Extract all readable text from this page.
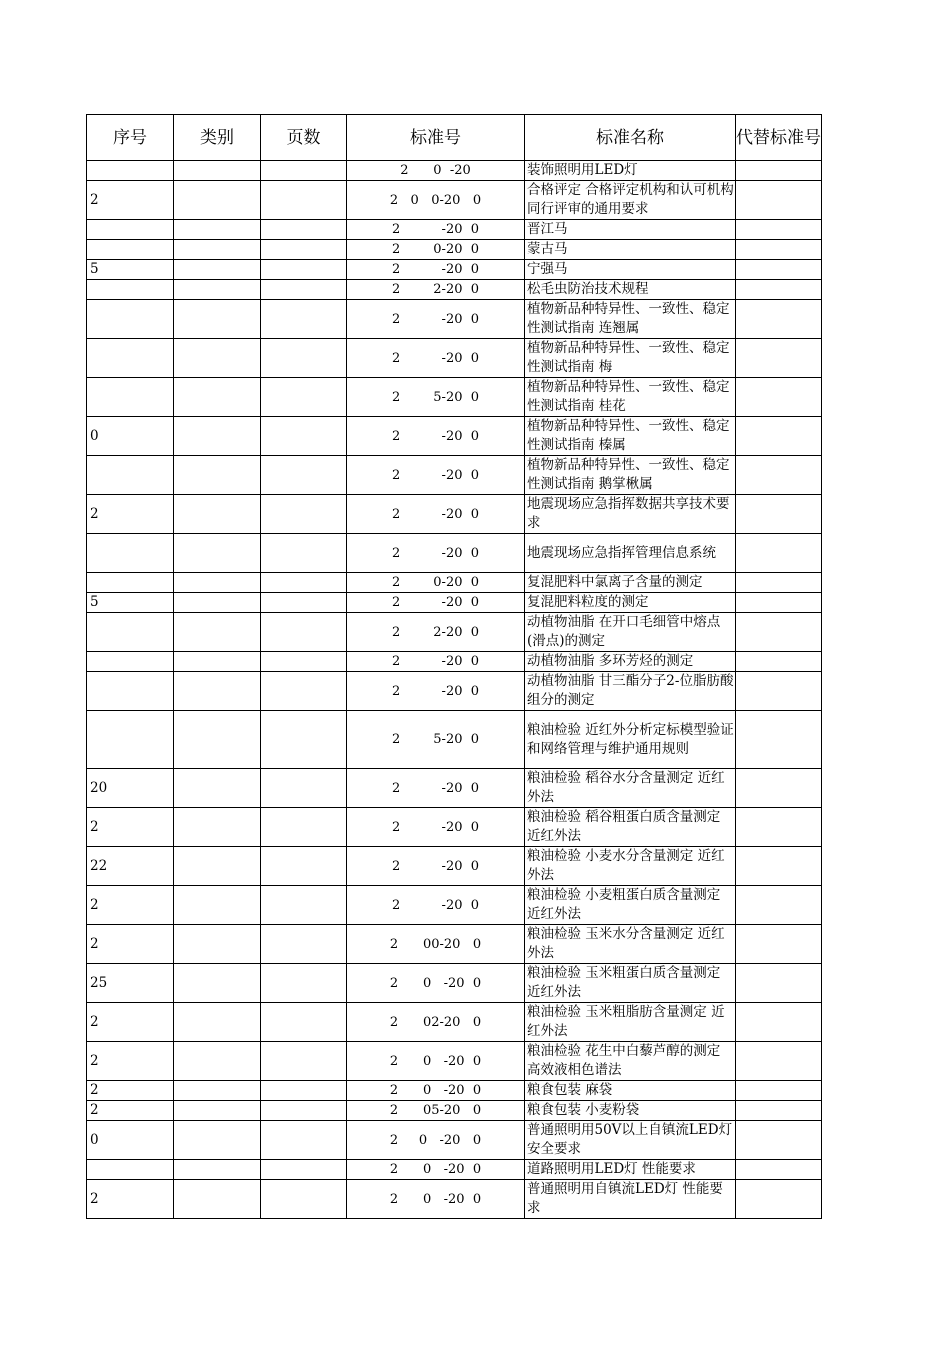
序号	类别	页数	标准号	标准名称	代替标准号
			2      0  -20	装饰照明用LED灯	

2			2   0   0-20   0	合格评定 合格评定机构和认可机构同行评审的通用要求	

			2          -20  0	晋江马	

			2        0-20  0	蒙古马	

5			2          -20  0	宁强马	

			2        2-20  0	松毛虫防治技术规程	

			2          -20  0	植物新品种特异性、一致性、稳定性测试指南 连翘属	

			2          -20  0	植物新品种特异性、一致性、稳定性测试指南 梅	

			2        5-20  0	植物新品种特异性、一致性、稳定性测试指南 桂花	

0			2          -20  0	植物新品种特异性、一致性、稳定性测试指南 榛属	

			2          -20  0	植物新品种特异性、一致性、稳定性测试指南 鹅掌楸属	

2			2          -20  0	地震现场应急指挥数据共享技术要求	

			2          -20  0	地震现场应急指挥管理信息系统	

			2        0-20  0	复混肥料中氯离子含量的测定	

5			2          -20  0	复混肥料粒度的测定	

			2        2-20  0	动植物油脂 在开口毛细管中熔点(滑点)的测定	

			2          -20  0	动植物油脂 多环芳烃的测定	

			2          -20  0	动植物油脂 甘三酯分子2-位脂肪酸组分的测定	

			2        5-20  0	粮油检验 近红外分析定标模型验证和网络管理与维护通用规则	

20			2          -20  0	粮油检验 稻谷水分含量测定 近红外法	

2			2          -20  0	粮油检验 稻谷粗蛋白质含量测定 近红外法	

22			2          -20  0	粮油检验 小麦水分含量测定 近红外法	

2			2          -20  0	粮油检验 小麦粗蛋白质含量测定 近红外法	

2			2      00-20   0	粮油检验 玉米水分含量测定 近红外法	

25			2      0   -20  0	粮油检验 玉米粗蛋白质含量测定 近红外法	

2			2      02-20   0	粮油检验 玉米粗脂肪含量测定 近红外法	

2			2      0   -20  0	粮油检验 花生中白藜芦醇的测定 高效液相色谱法	

2			2      0   -20  0	粮食包装 麻袋	

2			2      05-20   0	粮食包装 小麦粉袋	

0			2     0   -20   0	普通照明用50V以上自镇流LED灯 安全要求	

			2      0   -20  0	道路照明用LED灯 性能要求	

2			2      0   -20  0	普通照明用自镇流LED灯 性能要求	
